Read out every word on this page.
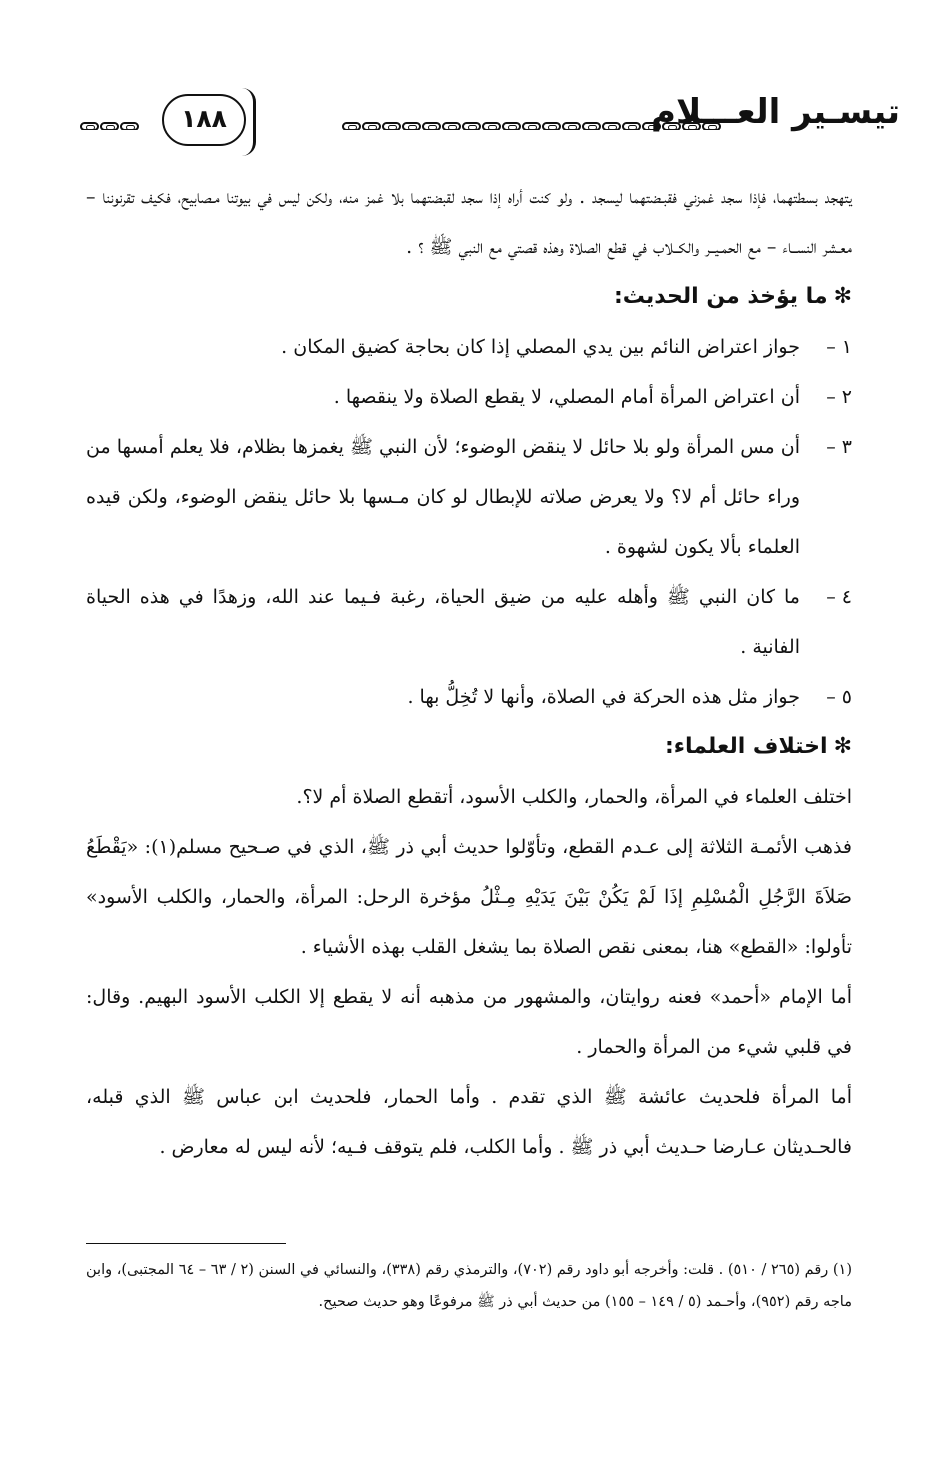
١٨٨	تيسـير العـــلام

يتهجد بسطتهما، فإذا سجد غمزني فقبـضتهما ليسجد . ولو كنت أراه إذا سجد لقبضتهما بلا غمز منه، ولكن ليس في بيوتنا مـصابيح، فكيف تقرنوننا – معـشر النســاء – مع الحمـيــر والكــلاب في قطع الصلاة وهذه قصتي مع النبي ﷺ ؟ .

✻ما يؤخذ من الحديث:

١ –
جواز اعتراض النائم بين يدي المصلي إذا كان بحاجة كضيق المكان .

٢ –
أن اعتراض المرأة أمام المصلي، لا يقطع الصلاة ولا ينقصها .

٣ –
أن مس المرأة ولو بلا حائل لا ينقض الوضوء؛ لأن النبي ﷺ يغمزها بظلام، فلا يعلم أمسها من وراء حائل أم لا؟ ولا يعرض صلاته للإبطال لو كان مـسها بلا حائل ينقض الوضوء، ولكن قيده العلماء بألا يكون لشهوة .

٤ –
ما كان النبي ﷺ وأهله عليه من ضيق الحياة، رغبة فـيما عند الله، وزهدًا في هذه الحياة الفانية .

٥ –
جواز مثل هذه الحركة في الصلاة، وأنها لا تُخِلُّ بها .

✻اختلاف العلماء:

اختلف العلماء في المرأة، والحمار، والكلب الأسود، أتقطع الصلاة أم لا؟.

فذهب الأئمـة الثلاثة إلى عـدم القطع، وتأوّلوا حديث أبي ذر ﷺ، الذي في صـحيح مسلم(١): «يَقْطَعُ صَلاَةَ الرَّجُلِ الْمُسْلِمِ إذَا لَمْ يَكُنْ بَيْنَ يَدَيْهِ مِـثْلُ مؤخرة الرحل: المرأة، والحمار، والكلب الأسود» تأولوا: «القطع» هنا، بمعنى نقص الصلاة بما يشغل القلب بهذه الأشياء .

أما الإمام «أحمد» فعنه روايتان، والمشهور من مذهبه أنه لا يقطع إلا الكلب الأسود البهيم. وقال: في قلبي شيء من المرأة والحمار .

أما المرأة فلحديث عائشة ﷺ الذي تقدم . وأما الحمار، فلحديث ابن عباس ﷺ الذي قبله، فالحـديثان عـارضا حـديث أبي ذر ﷺ . وأما الكلب، فلم يتوقف فـيه؛ لأنه ليس له معارض .

(١) رقم (٢٦٥ / ٥١٠) . قلت: وأخرجه أبو داود رقم (٧٠٢)، والترمذي رقم (٣٣٨)، والنسائي في السنن (٢ / ٦٣ – ٦٤ المجتبى)، وابن ماجه رقم (٩٥٢)، وأحـمد (٥ / ١٤٩ – ١٥٥) من حديث أبي ذر ﷺ مرفوعًا وهو حديث صحيح.
